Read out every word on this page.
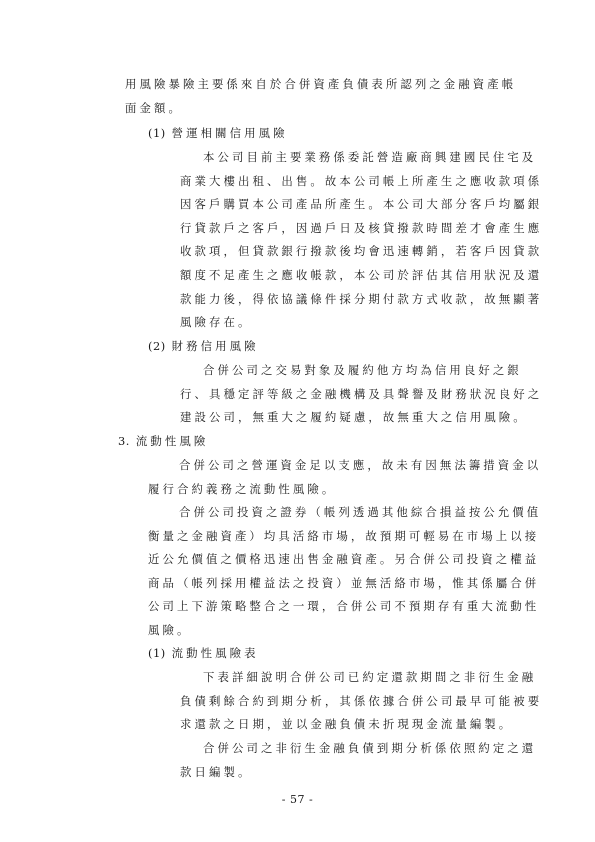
用風險暴險主要係來自於合併資產負債表所認列之金融資產帳
面金額。
(1) 營運相關信用風險
本公司目前主要業務係委託營造廠商興建國民住宅及
商業大樓出租、出售。故本公司帳上所產生之應收款項係
因客戶購買本公司產品所產生。本公司大部分客戶均屬銀
行貸款戶之客戶，因過戶日及核貸撥款時間差才會產生應
收款項，但貸款銀行撥款後均會迅速轉銷，若客戶因貸款
額度不足產生之應收帳款，本公司於評估其信用狀況及還
款能力後，得依協議條件採分期付款方式收款，故無顯著
風險存在。
(2) 財務信用風險
合併公司之交易對象及履約他方均為信用良好之銀
行、具穩定評等級之金融機構及具聲譽及財務狀況良好之
建設公司，無重大之履約疑慮，故無重大之信用風險。
3. 流動性風險
合併公司之營運資金足以支應，故未有因無法籌措資金以
履行合約義務之流動性風險。
合併公司投資之證券（帳列透過其他綜合損益按公允價值
衡量之金融資產）均具活絡市場，故預期可輕易在市場上以接
近公允價值之價格迅速出售金融資產。另合併公司投資之權益
商品（帳列採用權益法之投資）並無活絡市場，惟其係屬合併
公司上下游策略整合之一環，合併公司不預期存有重大流動性
風險。
(1) 流動性風險表
下表詳細說明合併公司已約定還款期間之非衍生金融
負債剩餘合約到期分析，其係依據合併公司最早可能被要
求還款之日期，並以金融負債未折現現金流量編製。
合併公司之非衍生金融負債到期分析係依照約定之還
款日編製。
- 57 -
